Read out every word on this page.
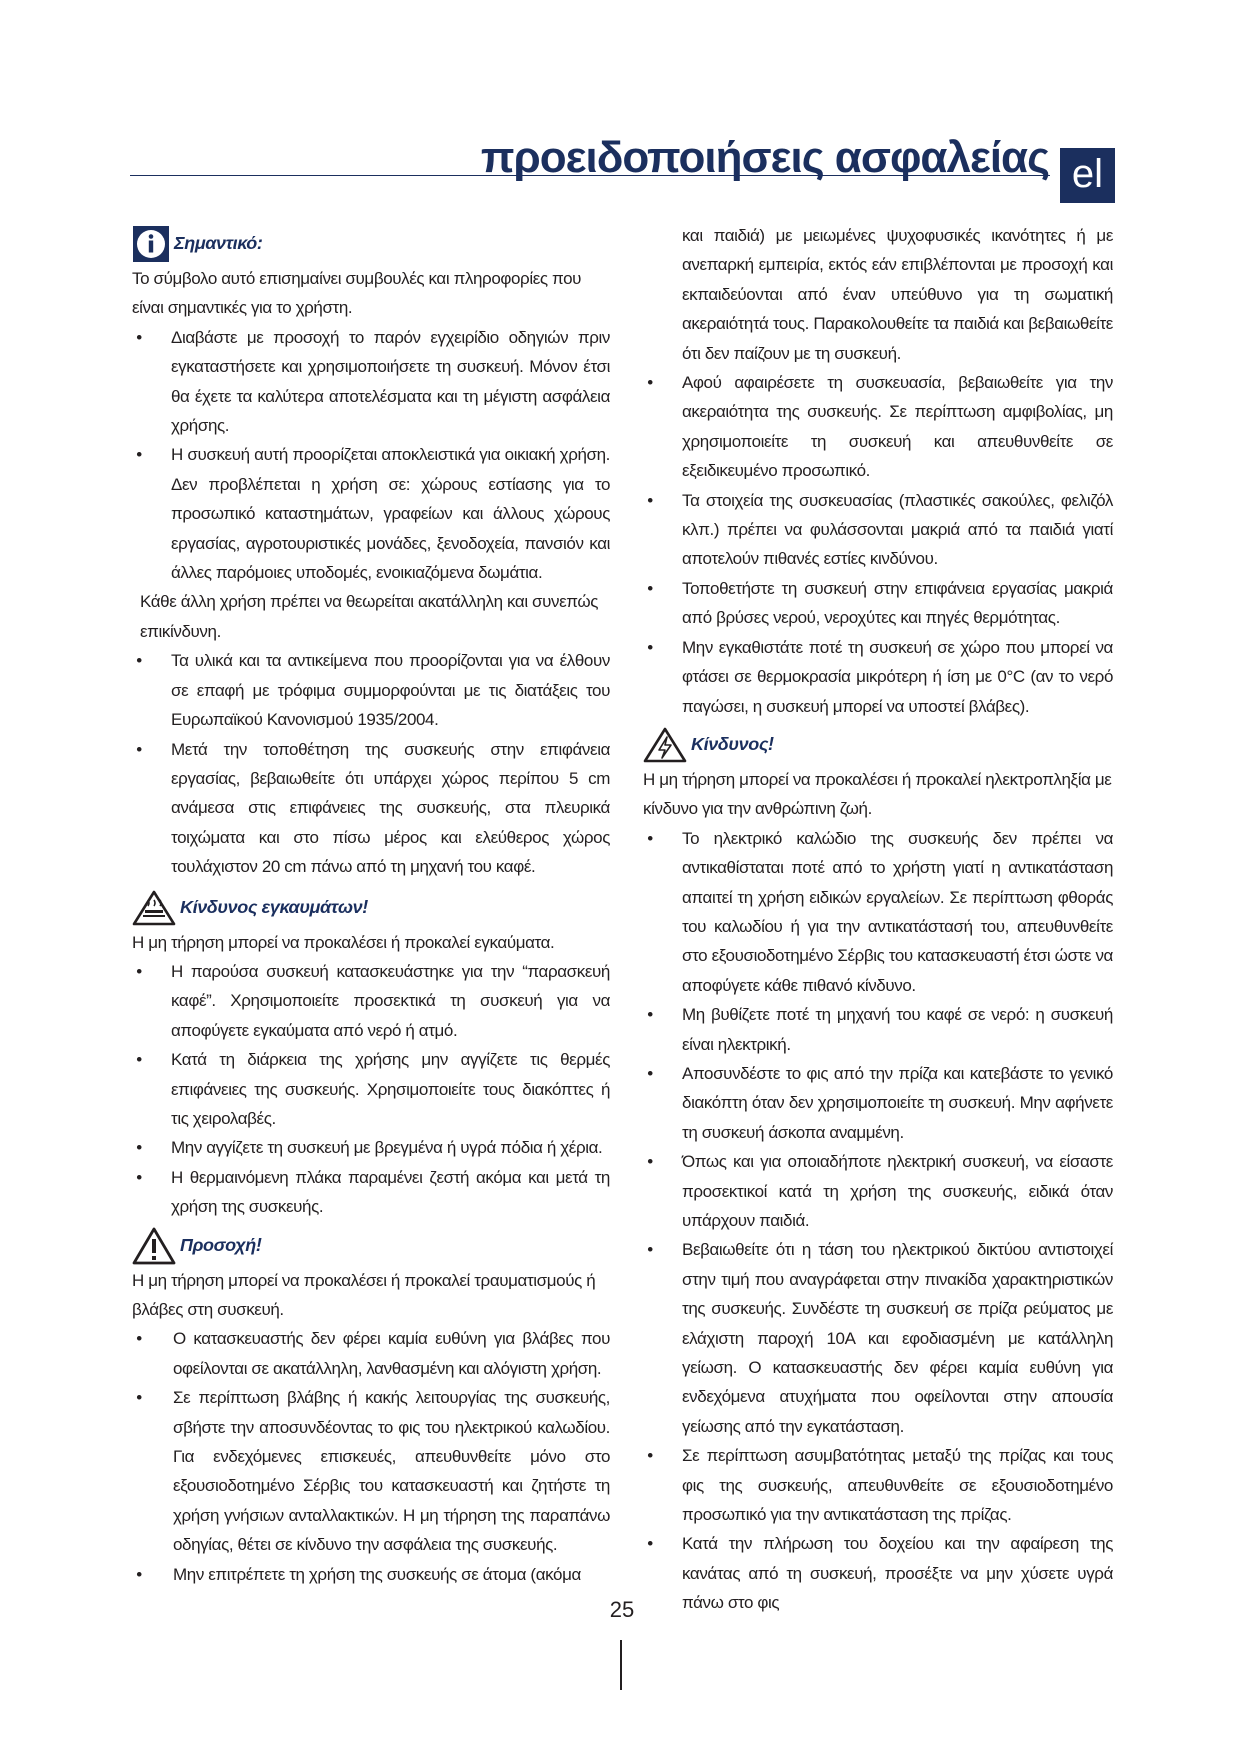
προειδοποιήσεις ασφαλείας el
Σημαντικό:
Το σύμβολο αυτό επισημαίνει συμβουλές και πληροφορίες που είναι σημαντικές για το χρήστη.
• Διαβάστε με προσοχή το παρόν εγχειρίδιο οδηγιών πριν εγκαταστήσετε και χρησιμοποιήσετε τη συσκευή. Μόνον έτσι θα έχετε τα καλύτερα αποτελέσματα και τη μέγιστη ασφάλεια χρήσης.
• Η συσκευή αυτή προορίζεται αποκλειστικά για οικιακή χρήση. Δεν προβλέπεται η χρήση σε: χώρους εστίασης για το προσωπικό καταστημάτων, γραφείων και άλλους χώρους εργασίας, αγροτουριστικές μονάδες, ξενοδοχεία, πανσιόν και άλλες παρόμοιες υποδομές, ενοικιαζόμενα δωμάτια.
Κάθε άλλη χρήση πρέπει να θεωρείται ακατάλληλη και συνεπώς επικίνδυνη.
• Τα υλικά και τα αντικείμενα που προορίζονται για να έλθουν σε επαφή με τρόφιμα συμμορφούνται με τις διατάξεις του Ευρωπαϊκού Κανονισμού 1935/2004.
• Μετά την τοποθέτηση της συσκευής στην επιφάνεια εργασίας, βεβαιωθείτε ότι υπάρχει χώρος περίπου 5 cm ανάμεσα στις επιφάνειες της συσκευής, στα πλευρικά τοιχώματα και στο πίσω μέρος και ελεύθερος χώρος τουλάχιστον 20 cm πάνω από τη μηχανή του καφέ.
Κίνδυνος εγκαυμάτων!
Η μη τήρηση μπορεί να προκαλέσει ή προκαλεί εγκαύματα.
• Η παρούσα συσκευή κατασκευάστηκε για την “παρασκευή καφέ”. Χρησιμοποιείτε προσεκτικά τη συσκευή για να αποφύγετε εγκαύματα από νερό ή ατμό.
• Κατά τη διάρκεια της χρήσης μην αγγίζετε τις θερμές επιφάνειες της συσκευής. Χρησιμοποιείτε τους διακόπτες ή τις χειρολαβές.
• Μην αγγίζετε τη συσκευή με βρεγμένα ή υγρά πόδια ή χέρια.
• Η θερμαινόμενη πλάκα παραμένει ζεστή ακόμα και μετά τη χρήση της συσκευής.
Προσοχή!
Η μη τήρηση μπορεί να προκαλέσει ή προκαλεί τραυματισμούς ή βλάβες στη συσκευή.
• Ο κατασκευαστής δεν φέρει καμία ευθύνη για βλάβες που οφείλονται σε ακατάλληλη, λανθασμένη και αλόγιστη χρήση.
• Σε περίπτωση βλάβης ή κακής λειτουργίας της συσκευής, σβήστε την αποσυνδέοντας το φις του ηλεκτρικού καλωδίου. Για ενδεχόμενες επισκευές, απευθυνθείτε μόνο στο εξουσιοδοτημένο Σέρβις του κατασκευαστή και ζητήστε τη χρήση γνήσιων ανταλλακτικών. Η μη τήρηση της παραπάνω οδηγίας, θέτει σε κίνδυνο την ασφάλεια της συσκευής.
• Μην επιτρέπετε τη χρήση της συσκευής σε άτομα (ακόμα
και παιδιά) με μειωμένες ψυχοφυσικές ικανότητες ή με ανεπαρκή εμπειρία, εκτός εάν επιβλέπονται με προσοχή και εκπαιδεύονται από έναν υπεύθυνο για τη σωματική ακεραιότητά τους. Παρακολουθείτε τα παιδιά και βεβαιωθείτε ότι δεν παίζουν με τη συσκευή.
• Αφού αφαιρέσετε τη συσκευασία, βεβαιωθείτε για την ακεραιότητα της συσκευής. Σε περίπτωση αμφιβολίας, μη χρησιμοποιείτε τη συσκευή και απευθυνθείτε σε εξειδικευμένο προσωπικό.
• Τα στοιχεία της συσκευασίας (πλαστικές σακούλες, φελιζόλ κλπ.) πρέπει να φυλάσσονται μακριά από τα παιδιά γιατί αποτελούν πιθανές εστίες κινδύνου.
• Τοποθετήστε τη συσκευή στην επιφάνεια εργασίας μακριά από βρύσες νερού, νεροχύτες και πηγές θερμότητας.
• Μην εγκαθιστάτε ποτέ τη συσκευή σε χώρο που μπορεί να φτάσει σε θερμοκρασία μικρότερη ή ίση με 0°C (αν το νερό παγώσει, η συσκευή μπορεί να υποστεί βλάβες).
Κίνδυνος!
Η μη τήρηση μπορεί να προκαλέσει ή προκαλεί ηλεκτροπληξία με κίνδυνο για την ανθρώπινη ζωή.
• Το ηλεκτρικό καλώδιο της συσκευής δεν πρέπει να αντικαθίσταται ποτέ από το χρήστη γιατί η αντικατάσταση απαιτεί τη χρήση ειδικών εργαλείων. Σε περίπτωση φθοράς του καλωδίου ή για την αντικατάστασή του, απευθυνθείτε στο εξουσιοδοτημένο Σέρβις του κατασκευαστή έτσι ώστε να αποφύγετε κάθε πιθανό κίνδυνο.
• Μη βυθίζετε ποτέ τη μηχανή του καφέ σε νερό: η συσκευή είναι ηλεκτρική.
• Αποσυνδέστε το φις από την πρίζα και κατεβάστε το γενικό διακόπτη όταν δεν χρησιμοποιείτε τη συσκευή. Μην αφήνετε τη συσκευή άσκοπα αναμμένη.
• Όπως και για οποιαδήποτε ηλεκτρική συσκευή, να είσαστε προσεκτικοί κατά τη χρήση της συσκευής, ειδικά όταν υπάρχουν παιδιά.
• Βεβαιωθείτε ότι η τάση του ηλεκτρικού δικτύου αντιστοιχεί στην τιμή που αναγράφεται στην πινακίδα χαρακτηριστικών της συσκευής. Συνδέστε τη συσκευή σε πρίζα ρεύματος με ελάχιστη παροχή 10A και εφοδιασμένη με κατάλληλη γείωση. Ο κατασκευαστής δεν φέρει καμία ευθύνη για ενδεχόμενα ατυχήματα που οφείλονται στην απουσία γείωσης από την εγκατάσταση.
• Σε περίπτωση ασυμβατότητας μεταξύ της πρίζας και τους φις της συσκευής, απευθυνθείτε σε εξουσιοδοτημένο προσωπικό για την αντικατάσταση της πρίζας.
• Κατά την πλήρωση του δοχείου και την αφαίρεση της κανάτας από τη συσκευή, προσέξτε να μην χύσετε υγρά πάνω στο φις
25
